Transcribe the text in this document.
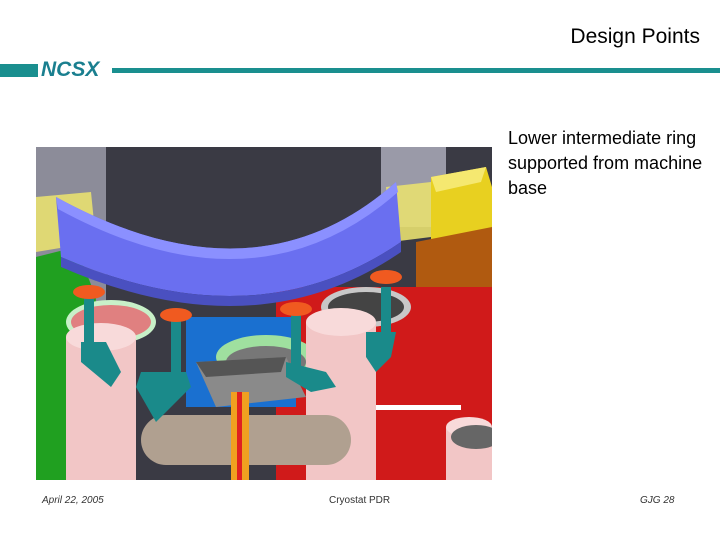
Design Points
NCSX
Lower intermediate ring supported from machine base
April 22, 2005	Cryostat PDR	GJG 28
